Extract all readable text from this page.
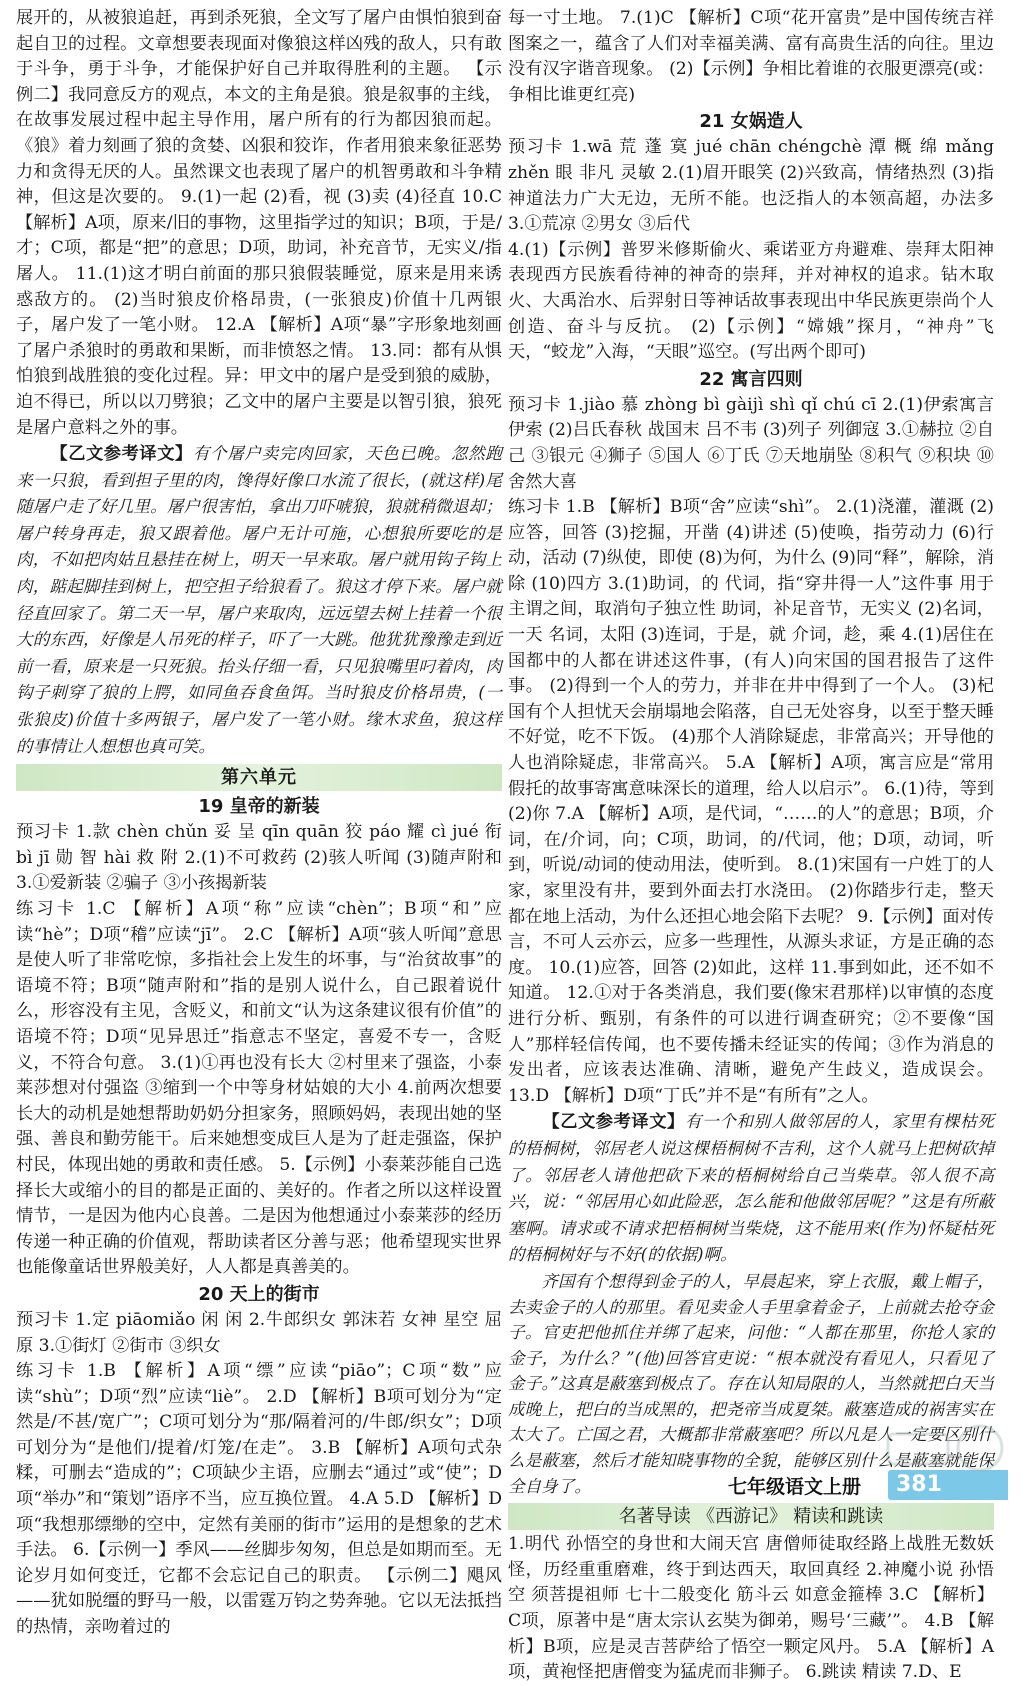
展开的，从被狼追赶，再到杀死狼，全文写了屠户由惧怕狼到奋起自卫的过程。文章想要表现面对像狼这样凶残的敌人，只有敢于斗争，勇于斗争，才能保护好自己并取得胜利的主题。 【示例二】我同意反方的观点，本文的主角是狼。狼是叙事的主线，在故事发展过程中起主导作用，屠户所有的行为都因狼而起。《狼》着力刻画了狼的贪婪、凶狠和狡诈，作者用狼来象征恶势力和贪得无厌的人。虽然课文也表现了屠户的机智勇敢和斗争精神，但这是次要的。 9.(1)一起 (2)看，视 (3)卖 (4)径直 10.C 【解析】A项，原来/旧的事物，这里指学过的知识；B项，于是/才；C项，都是“把”的意思；D项，助词，补充音节，无实义/指屠人。 11.(1)这才明白前面的那只狼假装睡觉，原来是用来诱惑敌方的。 (2)当时狼皮价格昂贵，(一张狼皮)价值十几两银子，屠户发了一笔小财。 12.A 【解析】A项“暴”字形象地刻画了屠户杀狼时的勇敢和果断，而非愤怒之情。 13.同：都有从惧怕狼到战胜狼的变化过程。异：甲文中的屠户是受到狼的威胁，迫不得已，所以以刀劈狼；乙文中的屠户主要是以智引狼，狼死是屠户意料之外的事。

【乙文参考译文】有个屠户卖完肉回家，天色已晚。忽然跑来一只狼，看到担子里的肉，馋得好像口水流了很长，(就这样)尾随屠户走了好几里。屠户很害怕，拿出刀吓唬狼，狼就稍微退却；屠户转身再走，狼又跟着他。屠户无计可施，心想狼所要吃的是肉，不如把肉姑且悬挂在树上，明天一早来取。屠户就用钩子钩上肉，踮起脚挂到树上，把空担子给狼看了。狼这才停下来。屠户就径直回家了。第二天一早，屠户来取肉，远远望去树上挂着一个很大的东西，好像是人吊死的样子，吓了一大跳。他犹犹豫豫走到近前一看，原来是一只死狼。抬头仔细一看，只见狼嘴里叼着肉，肉钩子刺穿了狼的上腭，如同鱼吞食鱼饵。当时狼皮价格昂贵，(一张狼皮)价值十多两银子，屠户发了一笔小财。缘木求鱼，狼这样的事情让人想想也真可笑。

第六单元
19 皇帝的新装

预习卡 1.款 chèn chǔn 妥 呈 qīn quān 狡 páo 耀 cì jué 衔 bì jī 勋 智 hài 救 附 2.(1)不可救药 (2)骇人听闻 (3)随声附和 3.①爱新装 ②骗子 ③小孩揭新装

练习卡 1.C 【解析】A项“称”应读“chèn”；B项“和”应读“hè”；D项“稽”应读“jī”。 2.C 【解析】A项“骇人听闻”意思是使人听了非常吃惊，多指社会上发生的坏事，与“治贫故事”的语境不符；B项“随声附和”指的是别人说什么，自己跟着说什么，形容没有主见，含贬义，和前文“认为这条建议很有价值”的语境不符；D项“见异思迁”指意志不坚定，喜爱不专一，含贬义，不符合句意。 3.(1)①再也没有长大 ②村里来了强盗，小泰莱莎想对付强盗 ③缩到一个中等身材姑娘的大小 4.前两次想要长大的动机是她想帮助奶奶分担家务，照顾妈妈，表现出她的坚强、善良和勤劳能干。后来她想变成巨人是为了赶走强盗，保护村民，体现出她的勇敢和责任感。 5.【示例】小泰莱莎能自己选择长大或缩小的目的都是正面的、美好的。作者之所以这样设置情节，一是因为他内心良善。二是因为他想通过小泰莱莎的经历传递一种正确的价值观，帮助读者区分善与恶；他希望现实世界也能像童话世界般美好，人人都是真善美的。

20 天上的街市

预习卡 1.定 piāomiǎo 闲 闲 2.牛郎织女 郭沫若 女神 星空 屈原 3.①街灯 ②街市 ③织女

练习卡 1.B 【解析】A项“缥”应读“piāo”；C项“数”应读“shù”；D项“烈”应读“liè”。 2.D 【解析】B项可划分为“定然是/不甚/宽广”；C项可划分为“那/隔着河的/牛郎/织女”；D项可划分为“是他们/提着/灯笼/在走”。 3.B 【解析】A项句式杂糅，可删去“造成的”；C项缺少主语，应删去“通过”或“使”；D项“举办”和“策划”语序不当，应互换位置。 4.A 5.D 【解析】D项“我想那缥缈的空中，定然有美丽的街市”运用的是想象的艺术手法。 6.【示例一】季风——丝脚步匆匆，但总是如期而至。无论岁月如何变迁，它都不会忘记自己的职责。 【示例二】飓风——犹如脱缰的野马一般，以雷霆万钧之势奔驰。它以无法抵挡的热情，亲吻着过的

每一寸土地。 7.(1)C 【解析】C项“花开富贵”是中国传统吉祥图案之一，蕴含了人们对幸福美满、富有高贵生活的向往。里边没有汉字谐音现象。 (2)【示例】争相比着谁的衣服更漂亮(或：争相比谁更红亮)

21 女娲造人

预习卡 1.wā 荒 蓬 寞 jué chān chéngchè 潭 概 绵 mǎng zhěn 眼 非凡 灵敏 2.(1)眉开眼笑 (2)兴致高，情绪热烈 (3)指神道法力广大无边，无所不能。也泛指人的本领高超，办法多 3.①荒凉 ②男女 ③后代

4.(1)【示例】普罗米修斯偷火、乘诺亚方舟避难、崇拜太阳神表现西方民族看待神的神奇的崇拜，并对神权的追求。钻木取火、大禹治水、后羿射日等神话故事表现出中华民族更崇尚个人创造、奋斗与反抗。 (2)【示例】“嫦娥”探月，“神舟”飞天，“蛟龙”入海，“天眼”巡空。(写出两个即可)

22 寓言四则

预习卡 1.jiào 慕 zhòng bì gàijì shì qǐ chú cī 2.(1)伊索寓言 伊索 (2)吕氏春秋 战国末 吕不韦 (3)列子 列御寇 3.①赫拉 ②自己 ③银元 ④狮子 ⑤国人 ⑥丁氏 ⑦天地崩坠 ⑧积气 ⑨积块 ⑩舍然大喜

练习卡 1.B 【解析】B项“舍”应读“shì”。 2.(1)浇灌，灌溉 (2)应答，回答 (3)挖掘，开凿 (4)讲述 (5)使唤，指劳动力 (6)行动，活动 (7)纵使，即使 (8)为何，为什么 (9)同“释”，解除，消除 (10)四方 3.(1)助词，的 代词，指“穿井得一人”这件事 用于主谓之间，取消句子独立性 助词，补足音节，无实义 (2)名词，一天 名词，太阳 (3)连词，于是，就 介词，趁，乘 4.(1)居住在国都中的人都在讲述这件事，(有人)向宋国的国君报告了这件事。 (2)得到一个人的劳力，并非在井中得到了一个人。 (3)杞国有个人担忧天会崩塌地会陷落，自己无处容身，以至于整天睡不好觉，吃不下饭。 (4)那个人消除疑虑，非常高兴；开导他的人也消除疑虑，非常高兴。 5.A 【解析】A项，寓言应是“常用假托的故事寄寓意味深长的道理，给人以启示”。 6.(1)待，等到 (2)你 7.A 【解析】A项，是代词，“……的人”的意思；B项，介词，在/介词，向；C项，助词，的/代词，他；D项，动词，听到，听说/动词的使动用法，使听到。 8.(1)宋国有一户姓丁的人家，家里没有井，要到外面去打水浇田。 (2)你踏步行走，整天都在地上活动，为什么还担心地会陷下去呢？ 9.【示例】面对传言，不可人云亦云，应多一些理性，从源头求证，方是正确的态度。 10.(1)应答，回答 (2)如此，这样 11.事到如此，还不如不知道。 12.①对于各类消息，我们要(像宋君那样)以审慎的态度进行分析、甄别，有条件的可以进行调查研究；②不要像“国人”那样轻信传闻，也不要传播未经证实的传闻；③作为消息的发出者，应该表达准确、清晰，避免产生歧义，造成误会。 13.D 【解析】D项“丁氏”并不是“有所有”之人。

【乙文参考译文】有一个和别人做邻居的人，家里有棵枯死的梧桐树，邻居老人说这棵梧桐树不吉利，这个人就马上把树砍掉了。邻居老人请他把砍下来的梧桐树给自己当柴草。邻人很不高兴，说：“邻居用心如此险恶，怎么能和他做邻居呢？”这是有所蔽塞啊。请求或不请求把梧桐树当柴烧，这不能用来(作为)怀疑枯死的梧桐树好与不好(的依据)啊。

齐国有个想得到金子的人，早晨起来，穿上衣服，戴上帽子，去卖金子的人的那里。看见卖金人手里拿着金子，上前就去抢夺金子。官吏把他抓住并绑了起来，问他：“人都在那里，你抢人家的金子，为什么？”(他)回答官吏说：“根本就没有看见人，只看见了金子。”这真是蔽塞到极点了。存在认知局限的人，当然就把白天当成晚上，把白的当成黑的，把尧帝当成夏桀。蔽塞造成的祸害实在太大了。亡国之君，大概都非常蔽塞吧？所以凡是人一定要区别什么是蔽塞，然后才能知晓事物的全貌，能够区别什么是蔽塞就能保全自身了。

名著导读 《西游记》 精读和跳读

1.明代 孙悟空的身世和大闹天宫 唐僧师徒取经路上战胜无数妖怪，历经重重磨难，终于到达西天，取回真经 2.神魔小说 孙悟空 须菩提祖师 七十二般变化 筋斗云 如意金箍棒 3.C 【解析】C项，原著中是“唐太宗认玄奘为御弟，赐号‘三藏’”。 4.B 【解析】B项，应是灵吉菩萨给了悟空一颗定风丹。 5.A 【解析】A项，黄袍怪把唐僧变为猛虎而非狮子。 6.跳读 精读 7.D、E

七年级语文上册	381
